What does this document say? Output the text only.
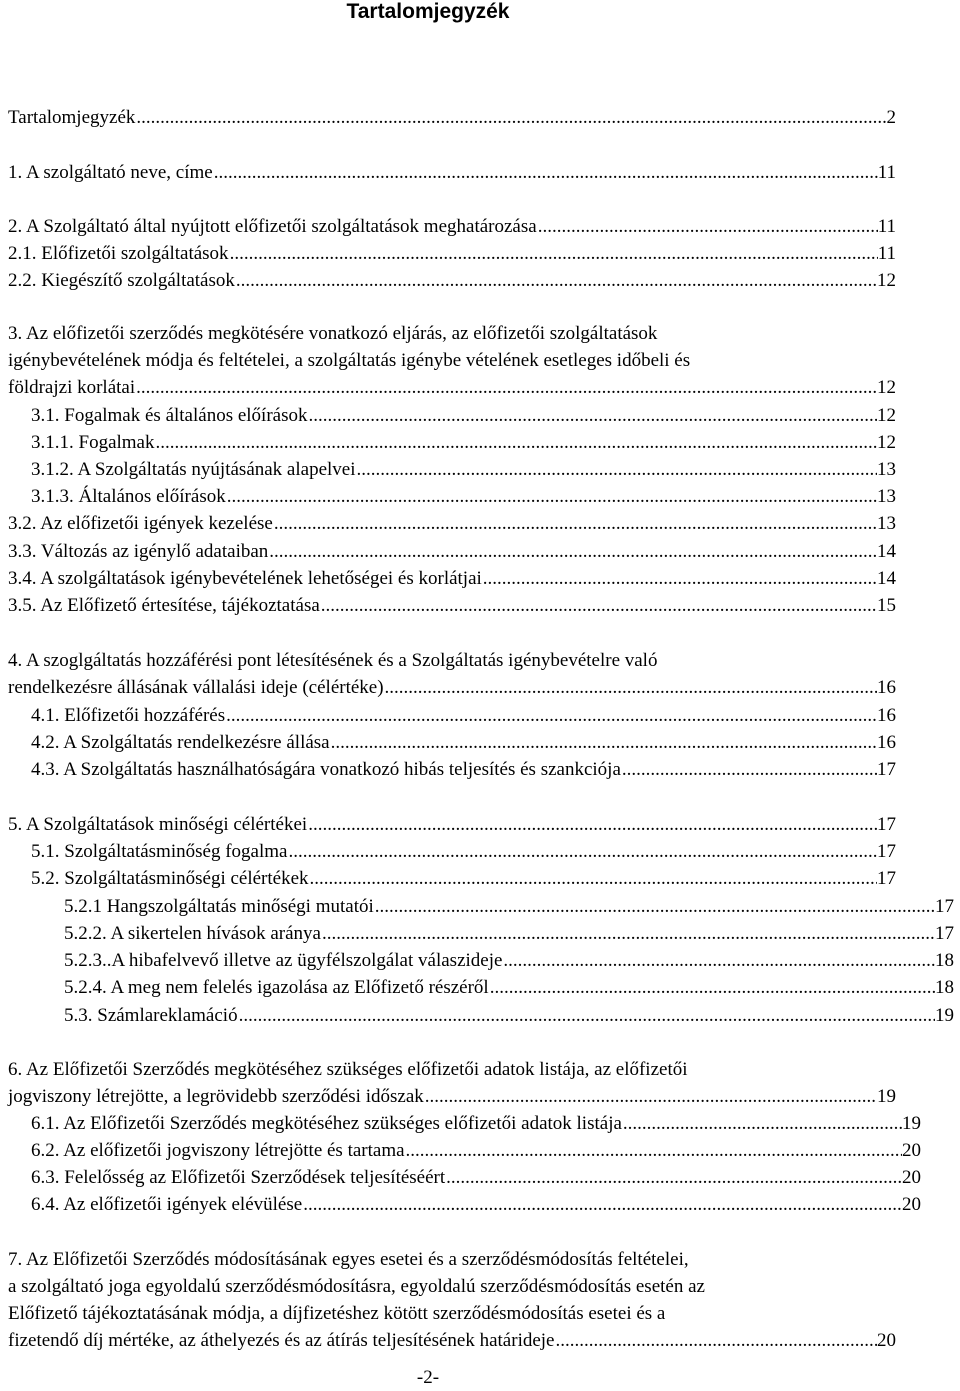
Tartalomjegyzék
Tartalomjegyzék .....	2
1. A szolgáltató neve, címe .....	11
2. A Szolgáltató által nyújtott előfizetői szolgáltatások meghatározása .....	11
2.1. Előfizetői szolgáltatások .....	11
2.2. Kiegészítő szolgáltatások .....	12
3. Az előfizetői szerződés megkötésére vonatkozó eljárás, az előfizetői szolgáltatások
igénybevételének módja és feltételei, a szolgáltatás igénybe vételének esetleges időbeli és
földrajzi korlátai .....	12
3.1. Fogalmak és általános előírások .....	12
3.1.1. Fogalmak .....	12
3.1.2. A Szolgáltatás nyújtásának alapelvei .....	13
3.1.3. Általános előírások .....	13
3.2. Az előfizetői igények kezelése .....	13
3.3. Változás az igénylő adataiban .....	14
3.4. A szolgáltatások igénybevételének lehetőségei és korlátjai .....	14
3.5. Az Előfizető értesítése, tájékoztatása .....	15
4. A szoglgáltatás hozzáférési pont létesítésének és a Szolgáltatás igénybevételre való
rendelkezésre állásának vállalási ideje (célértéke) .....	16
4.1. Előfizetői hozzáférés .....	16
4.2. A Szolgáltatás rendelkezésre állása .....	16
4.3. A Szolgáltatás használhatóságára vonatkozó hibás teljesítés és szankciója .....	17
5. A Szolgáltatások minőségi célértékei .....	17
5.1. Szolgáltatásminőség fogalma .....	17
5.2. Szolgáltatásminőségi célértékek .....	17
5.2.1 Hangszolgáltatás minőségi mutatói .....	17
5.2.2. A sikertelen hívások aránya .....	17
5.2.3..A hibafelvevő illetve az ügyfélszolgálat válaszideje .....	18
5.2.4. A meg nem felelés igazolása az Előfizető részéről .....	18
5.3. Számlareklamáció .....	19
6. Az Előfizetői Szerződés megkötéséhez szükséges előfizetői adatok listája, az előfizetői
jogviszony létrejötte, a legrövidebb szerződési időszak .....	19
6.1. Az Előfizetői Szerződés megkötéséhez szükséges előfizetői adatok listája .....	19
6.2. Az előfizetői jogviszony létrejötte és tartama .....	20
6.3. Felelősség az Előfizetői Szerződések teljesítéséért .....	20
6.4. Az előfizetői igények elévülése .....	20
7. Az Előfizetői Szerződés módosításának egyes esetei és a szerződésmódosítás feltételei,
a szolgáltató joga egyoldalú szerződésmódosításra, egyoldalú szerződésmódosítás esetén az
Előfizető tájékoztatásának módja, a díjfizetéshez kötött szerződésmódosítás esetei és a
fizetendő díj mértéke, az áthelyezés és az átírás teljesítésének határideje .....	20
-2-
